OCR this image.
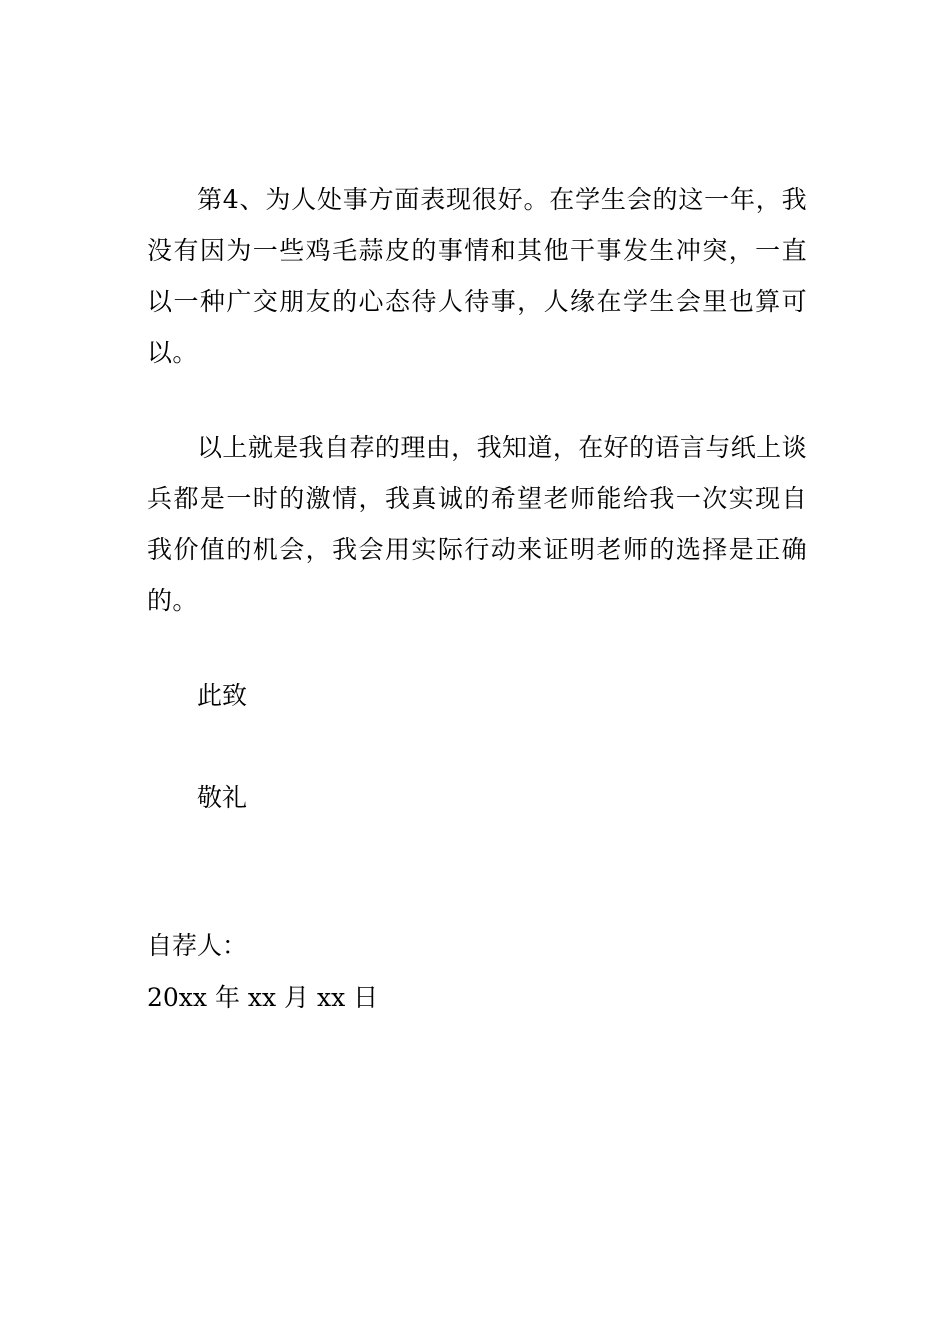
第4、为人处事方面表现很好。在学生会的这一年，我没有因为一些鸡毛蒜皮的事情和其他干事发生冲突，一直以一种广交朋友的心态待人待事，人缘在学生会里也算可以。

以上就是我自荐的理由，我知道，在好的语言与纸上谈兵都是一时的激情，我真诚的希望老师能给我一次实现自我价值的机会，我会用实际行动来证明老师的选择是正确的。

此致

敬礼

自荐人：

20xx 年 xx 月 xx 日
